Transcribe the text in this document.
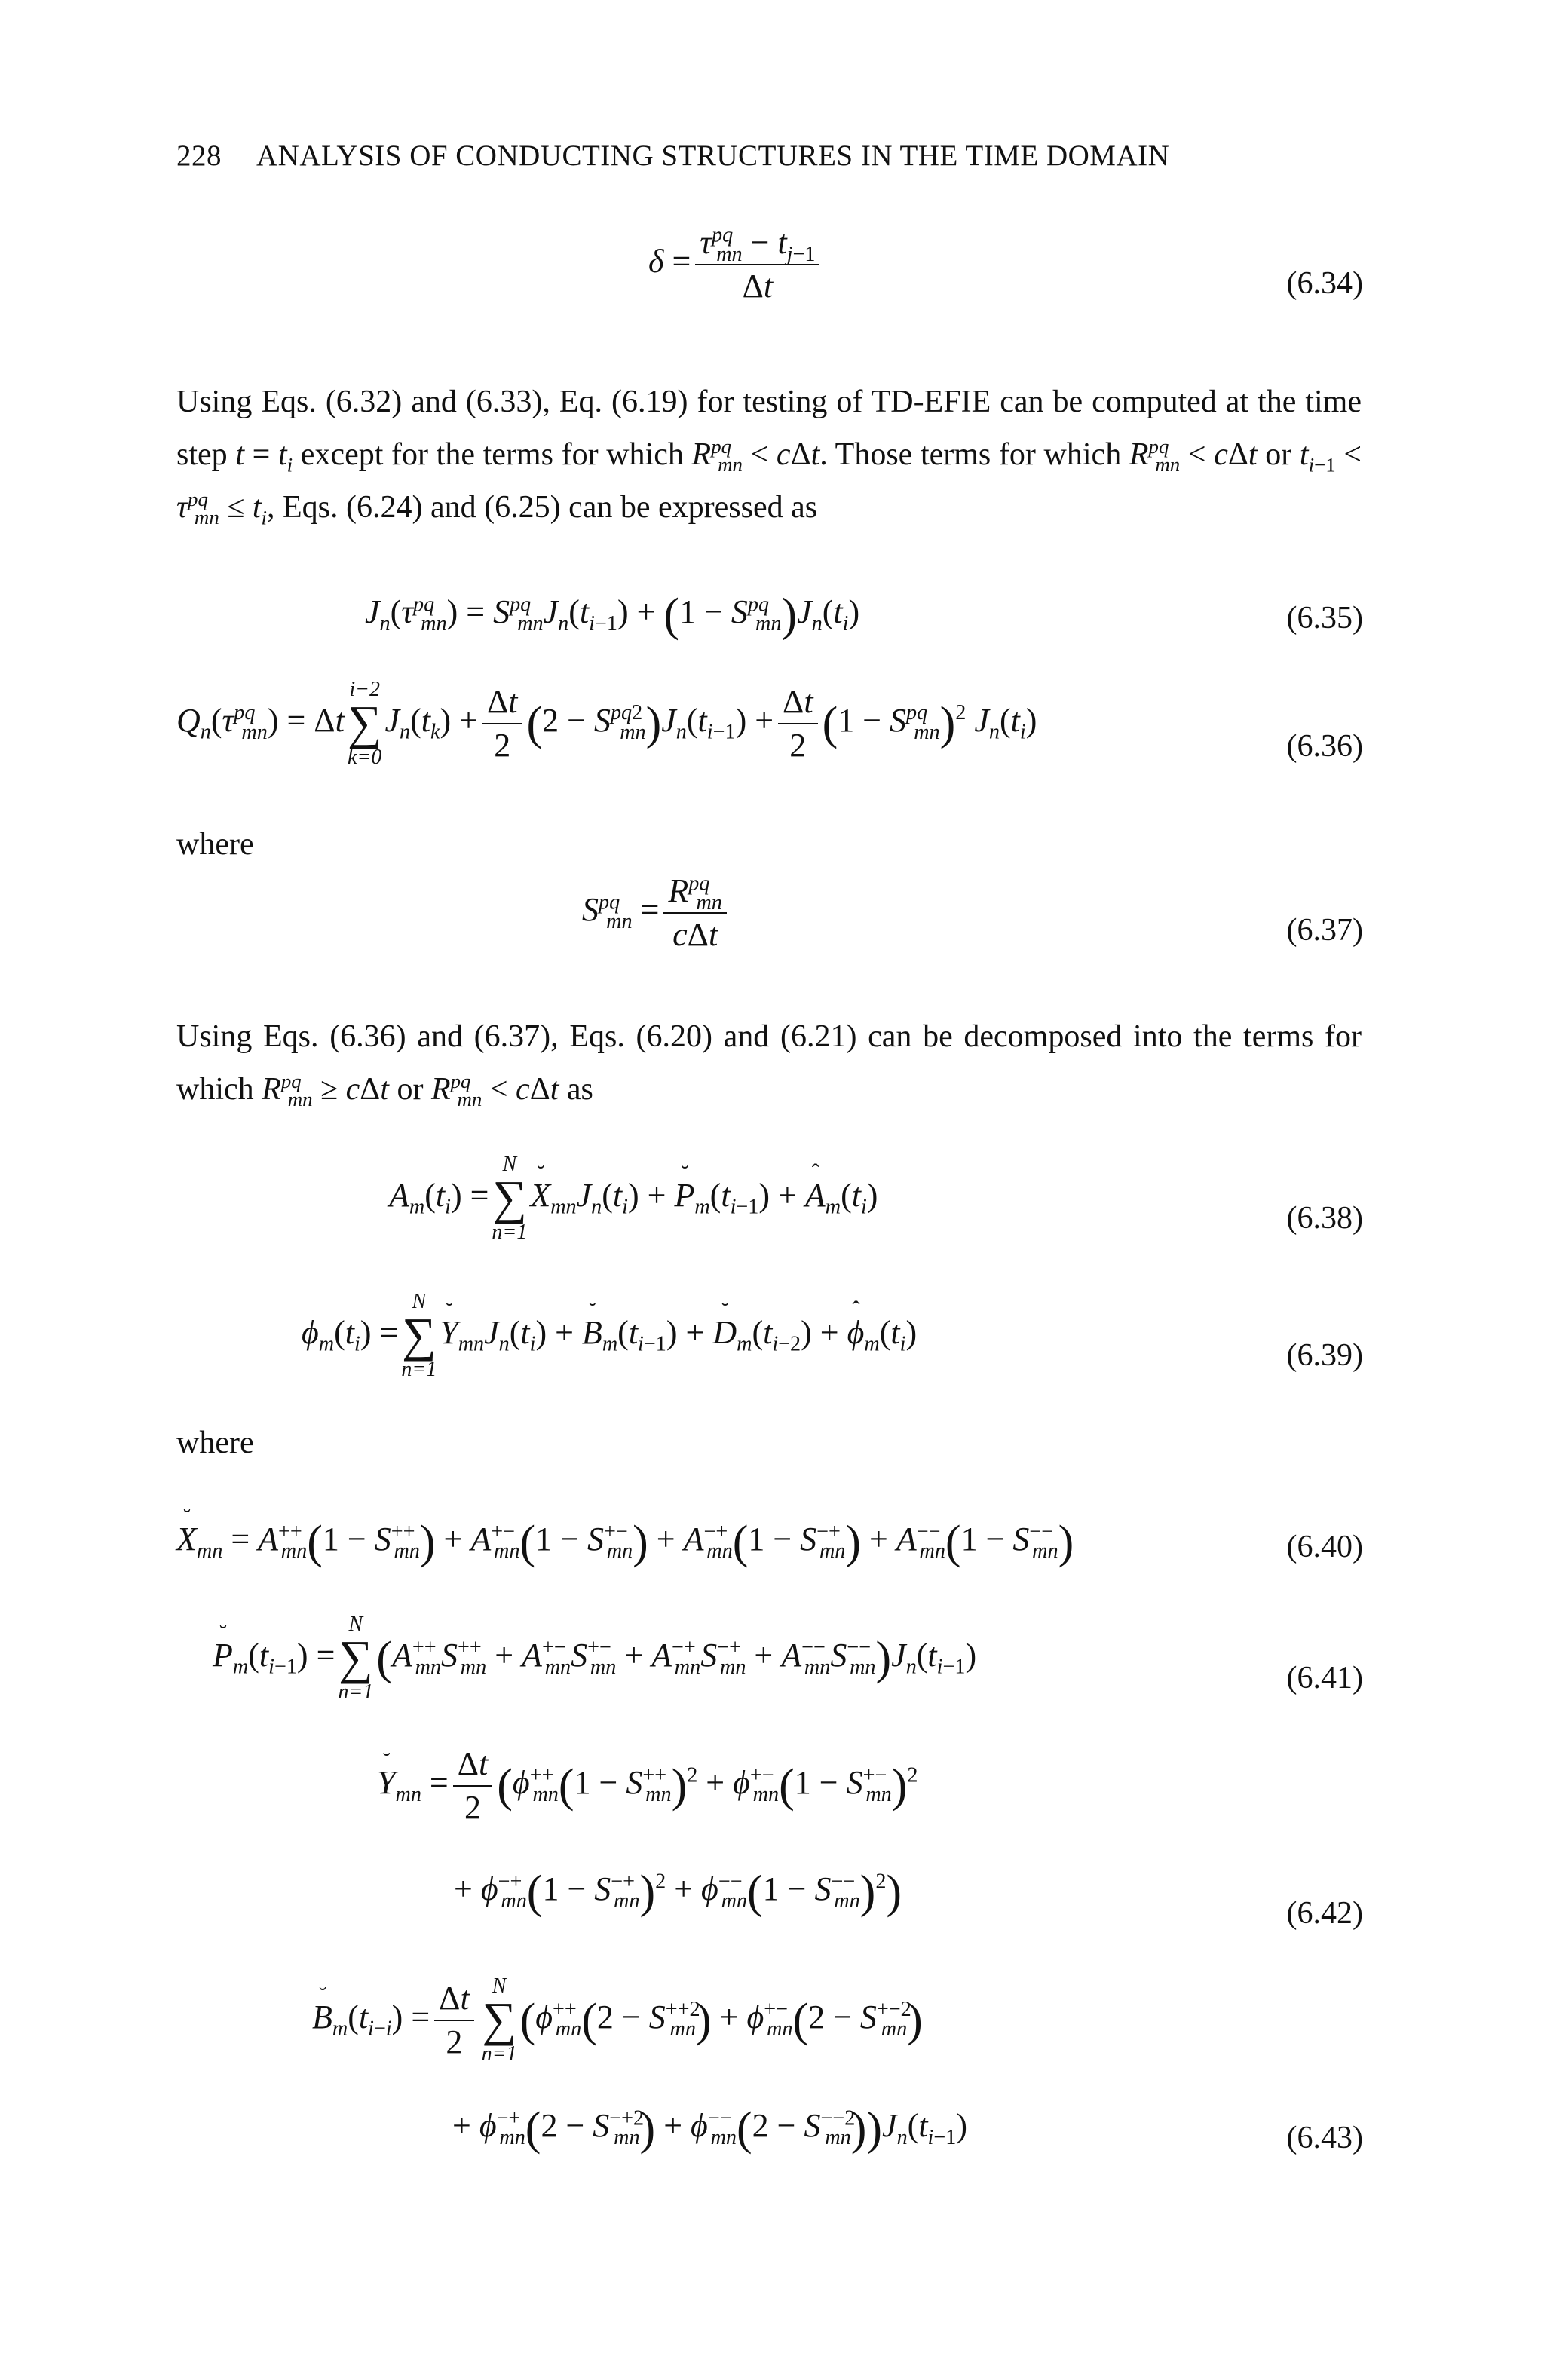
228 ANALYSIS OF CONDUCTING STRUCTURES IN THE TIME DOMAIN
$\delta = \frac{\tau^{pq}_{mn} - t_{j-1}}{\Delta t}$	(6.34)
Using Eqs. (6.32) and (6.33), Eq. (6.19) for testing of TD-EFIE can be computed at the time step $t = t_i$ except for the terms for which $R^{pq}_{mn} < c\Delta t$. Those terms for which $R^{pq}_{mn} < c\Delta t$ or $t_{i-1} < \tau^{pq}_{mn} \le t_i$, Eqs. (6.24) and (6.25) can be expressed as
$J_n(\tau^{pq}_{mn}) = S^{pq}_{mn}J_n(t_{i-1}) + (1 - S^{pq}_{mn})J_n(t_i)$	(6.35)
$Q_n(\tau^{pq}_{mn}) = \Delta t$
i−2
∑
k=0
$J_n(t_k) + \frac{\Delta t}{2} (2 - S^{pq2}_{mn})J_n(t_{i-1}) + \frac{\Delta t}{2} (1 - S^{pq}_{mn})^2$ $J_n(t_i)$
(6.36)
where
$S^{pq}_{mn} = \frac{R^{pq}_{mn}}{\text{cΔt}}$	(6.37)
Using Eqs. (6.36) and (6.37), Eqs. (6.20) and (6.21) can be decomposed into the terms for which $R^{pq}_{mn} \ge c\Delta t$ or $R^{pq}_{mn} < c\Delta t$ as
$A_m(t_i)$ =
N
∑
n=1
˘ $X_{mn}J_n(t_i)$ + ˘ $P_m(t_{i-1})$ + ˆ $A_m(t_i)$
(6.38)
$\phi_m(t_i)$ =
N
∑
n=1
˘ $Y_{mn}J_n(t_i)$ + ˘ $B_m(t_{i-1})$ + ˘ $D_m(t_{i-2})$ + ˆ $\phi_m(t_i)$
(6.39)
where
˘ $X_{mn} = A^{++}_{mn}(1 - S^{++}_{mn}) + A^{+-}_{mn}(1 - S^{+-}_{mn}) + A^{-+}_{mn}(1 - S^{-+}_{mn}) + A^{--}_{mn}(1 - S^{--}_{mn})$	(6.40)
˘ $P_m(t_{i-1})$ =
N
∑
n=1
$(A^{++}_{mn}S^{++}_{mn} + A^{+-}_{mn}S^{+-}_{mn} + A^{-+}_{mn}S^{-+}_{mn} + A^{--}_{mn}S^{--}_{mn})J_n(t_{i-1})$
(6.41)
˘ $Y_{mn} = \frac{\Delta t}{2} (\phi^{++}_{mn}(1 - S^{++}_{mn})^2 + \phi^{+-}_{mn}(1 - S^{+-}_{mn})^2$
+ $\phi^{-+}_{mn}(1 - S^{-+}_{mn})^2 + \phi^{--}_{mn}(1 - S^{--}_{mn})^2$)	(6.42)
˘ $B_m(t_{i-i}) = \frac{\Delta t}{2}$ N
∑
n=1
($\phi^{++}_{mn}(2 - S^{++2}_{mn}) + \phi^{+-}_{mn}(2 - S^{+-2}_{mn})$
+ $\phi^{-+}_{mn}(2 - S^{-+2}_{mn}) + \phi^{--}_{mn}(2 - S^{--2}_{mn}))J_n(t_{i-1})$	(6.43)
